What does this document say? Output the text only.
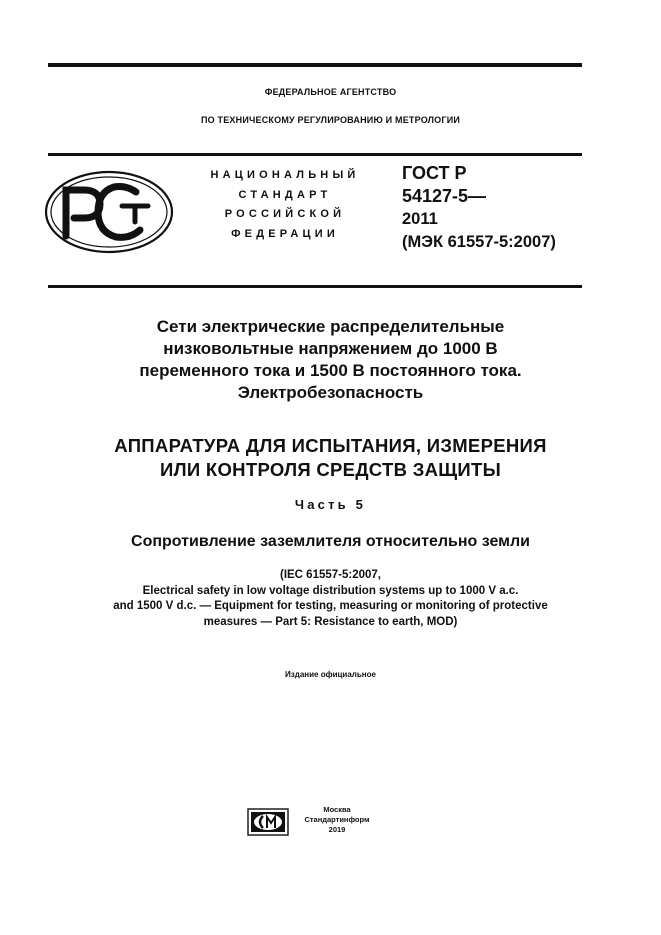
ФЕДЕРАЛЬНОЕ АГЕНТСТВО
ПО ТЕХНИЧЕСКОМУ РЕГУЛИРОВАНИЮ И МЕТРОЛОГИИ
НАЦИОНАЛЬНЫЙ
СТАНДАРТ
РОССИЙСКОЙ
ФЕДЕРАЦИИ
ГОСТ Р
54127-5—
2011
(МЭК 61557-5:2007)
Сети электрические распределительные
низковольтные напряжением до 1000 В
переменного тока и 1500 В постоянного тока.
Электробезопасность
АППАРАТУРА ДЛЯ ИСПЫТАНИЯ, ИЗМЕРЕНИЯ
ИЛИ КОНТРОЛЯ СРЕДСТВ ЗАЩИТЫ
Часть 5
Сопротивление заземлителя относительно земли
(IEC 61557-5:2007,
Electrical safety in low voltage distribution systems up to 1000 V a.c.
and 1500 V d.c. — Equipment for testing, measuring or monitoring of protective
measures — Part 5: Resistance to earth, MOD)
Издание официальное
Москва
Стандартинформ
2019
